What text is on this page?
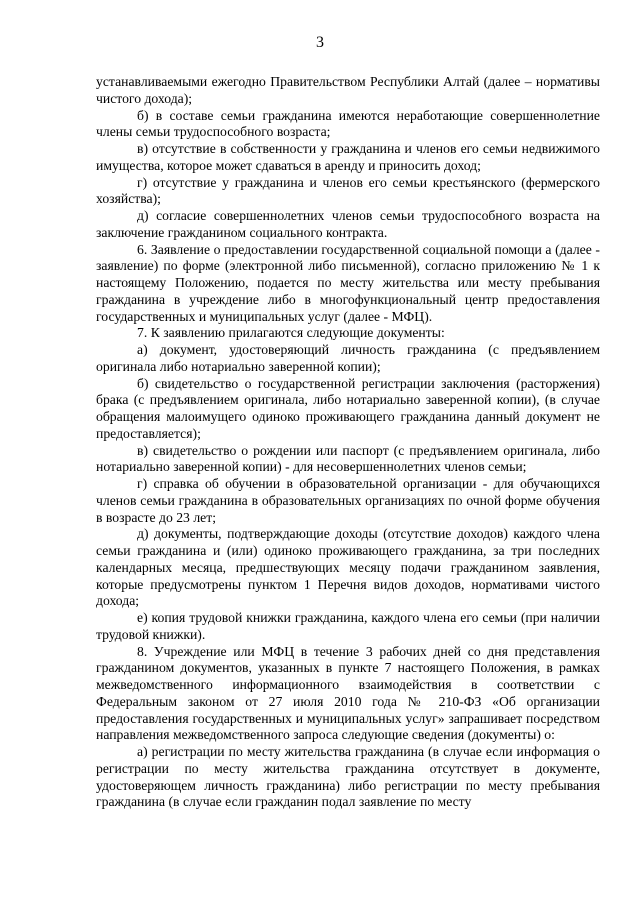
3

устанавливаемыми ежегодно Правительством Республики Алтай (далее – нормативы чистого дохода);

б) в составе семьи гражданина имеются неработающие совершеннолетние члены семьи трудоспособного возраста;

в) отсутствие в собственности у гражданина и членов его семьи недвижимого имущества, которое может сдаваться в аренду и приносить доход;

г) отсутствие у гражданина и членов его семьи крестьянского (фермерского хозяйства);

д) согласие совершеннолетних членов семьи трудоспособного возраста на заключение гражданином социального контракта.

6. Заявление о предоставлении государственной социальной помощи а (далее - заявление) по форме (электронной либо письменной), согласно приложению № 1 к настоящему Положению, подается по месту жительства или месту пребывания гражданина в учреждение либо в многофункциональный центр предоставления государственных и муниципальных услуг (далее - МФЦ).

7. К заявлению прилагаются следующие документы:

а) документ, удостоверяющий личность гражданина (с предъявлением оригинала либо нотариально заверенной копии);

б) свидетельство о государственной регистрации заключения (расторжения) брака (с предъявлением оригинала, либо нотариально заверенной копии), (в случае обращения малоимущего одиноко проживающего гражданина данный документ не предоставляется);

в) свидетельство о рождении или паспорт (с предъявлением оригинала, либо нотариально заверенной копии) - для несовершеннолетних членов семьи;

г) справка об обучении в образовательной организации - для обучающихся членов семьи гражданина в образовательных организациях по очной форме обучения в возрасте до 23 лет;

д) документы, подтверждающие доходы (отсутствие доходов) каждого члена семьи гражданина и (или) одиноко проживающего гражданина, за три последних календарных месяца, предшествующих месяцу подачи гражданином заявления, которые предусмотрены пунктом 1 Перечня видов доходов, нормативами чистого дохода;

е) копия трудовой книжки гражданина, каждого члена его семьи (при наличии трудовой книжки).

8. Учреждение или МФЦ в течение 3 рабочих дней со дня представления гражданином документов, указанных в пункте 7 настоящего Положения, в рамках межведомственного информационного взаимодействия в соответствии с Федеральным законом от 27 июля 2010 года № 210-ФЗ «Об организации предоставления государственных и муниципальных услуг» запрашивает посредством направления межведомственного запроса следующие сведения (документы) о:

а) регистрации по месту жительства гражданина (в случае если информация о регистрации по месту жительства гражданина отсутствует в документе, удостоверяющем личность гражданина) либо регистрации по месту пребывания гражданина (в случае если гражданин подал заявление по месту
